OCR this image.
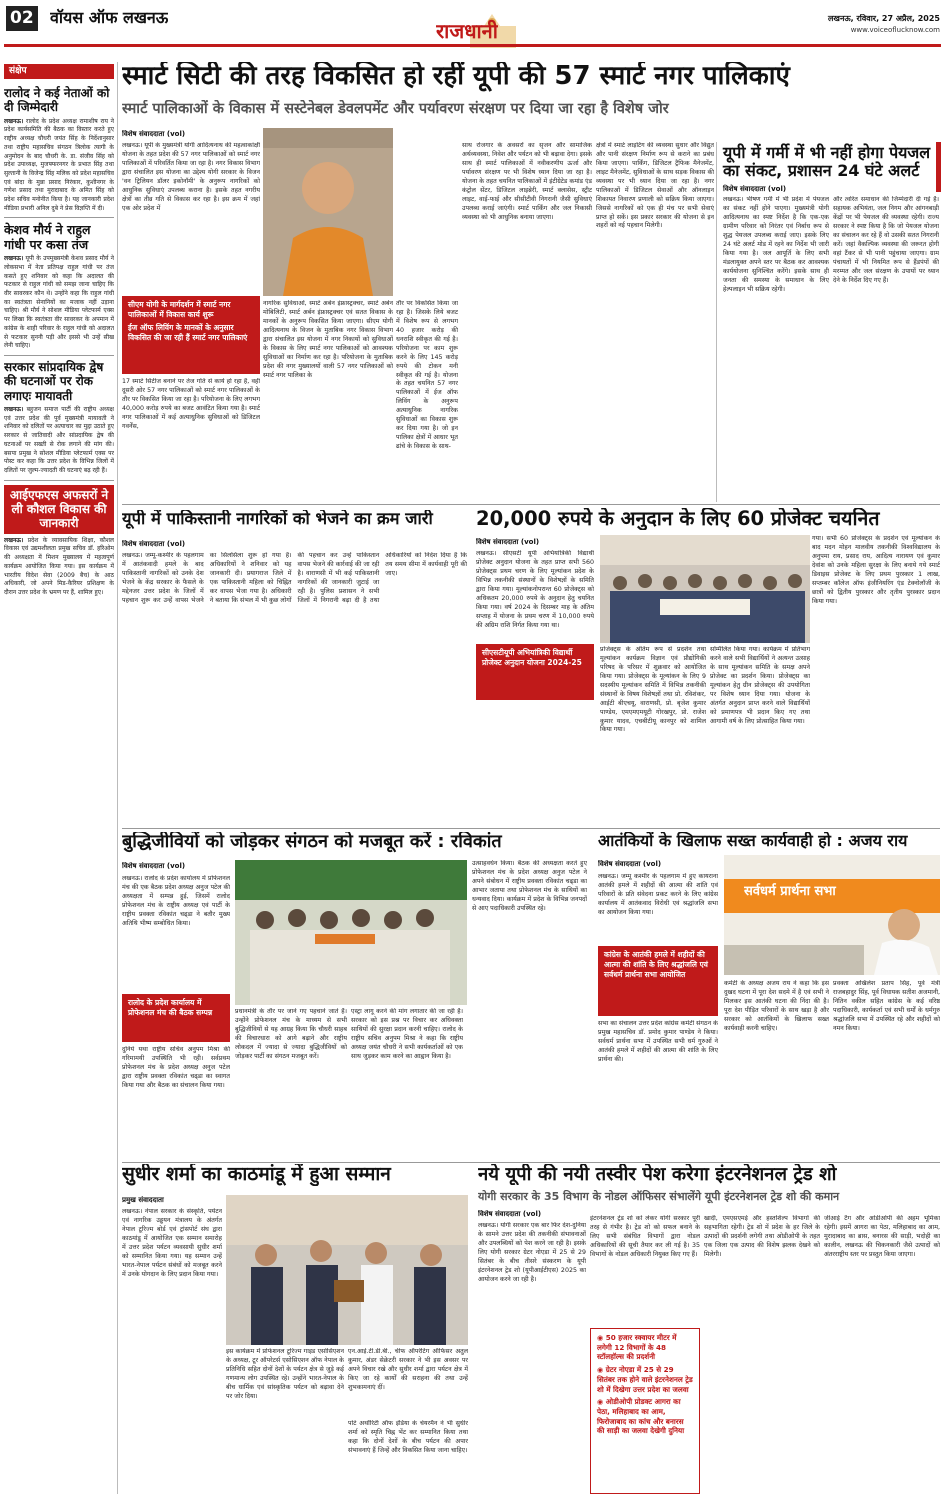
02 वॉयस ऑफ लखनऊ
राजधानी
लखनऊ, रविवार, 27 अप्रैल, 2025
www.voiceoflucknow.com
संक्षेप
रालोद ने कई नेताओं को दी जिम्मेदारी
लखनऊ। रालोद के प्रदेश अध्यक्ष रामाशीष राय ने प्रदेश कार्यसमिति की बैठक का विस्तार करते हुए राष्ट्रीय अध्यक्ष चौधरी जयंत सिंह के निर्देशानुसार तथा राष्ट्रीय महासचिव संगठन त्रिलोक त्यागी के अनुमोदन के बाद चौधरी के. डा. संजीव सिंह को प्रदेश उपाध्यक्ष, मुजफ्फरनगर के प्रभात सिंह तथा सुल्तानी के विजेन्द्र सिंह मलिक को प्रदेश महासचिव एवं बांदा के मुन्ना प्रसाद निरंकार, कुशीनगर के गणेश प्रसाद तथा मुरादाबाद के अमित सिंह को प्रदेश सचिव मनोनीत किया है। यह जानकारी प्रदेश मीडिया प्रभारी अनिल दुबे ने प्रेस विज्ञप्ति में दी।
केशव मौर्य ने राहुल गांधी पर कसा तंज
लखनऊ। यूपी के उपमुख्यमंत्री केशव प्रसाद मौर्य ने लोकसभा में नेता प्रतिपक्ष राहुल गांधी पर तंज कसते हुए शनिवार को कहा कि अदालत की फटकार से राहुल गांधी को समझ जाना चाहिए कि वीर सावरकर कौन थे। उन्होंने कहा कि राहुल गांधी का स्वतंत्रता सेनानियों का मजाक नहीं उड़ाना चाहिए। श्री मौर्य ने सोशल मीडिया प्लेटफार्म एक्स पर लिखा कि स्वतंत्रता वीर सावरकर के अपमान में कांग्रेस के शाही परिवार के राहुल गांधी को अदालत से फटकार सुननी पड़ी और इससे भी उन्हें सीख लेनी चाहिए।
सरकार सांप्रदायिक द्वेष की घटनाओं पर रोक लगाएः मायावती
लखनऊ। बहुजन समाज पार्टी की राष्ट्रीय अध्यक्ष एवं उत्तर प्रदेश की पूर्व मुख्यमंत्री मायावती ने शनिवार को दलितों पर अत्याचार का मुद्दा उठाते हुए सरकार से जातिवादी और सांप्रदायिक द्वेष की घटनाओं पर सख्ती से रोक लगाने की मांग की। बसपा प्रमुख ने सोशल मीडिया प्लेटफार्म एक्स पर पोस्ट कर कहा कि उत्तर प्रदेश के विभिन्न जिलों में दलितों पर जुल्म-ज्यादती की घटनाएं बढ़ रही हैं।
आईएफएस अफसरों ने ली कौशल विकास की जानकारी
लखनऊ। प्रदेश के व्यावसायिक शिक्षा, कौशल विकास एवं उद्यमशीलता प्रमुख सचिव डॉ. हरिओम की अध्यक्षता में मिशन मुख्यालय में महत्वपूर्ण कार्यक्रम आयोजित किया गया। इस कार्यक्रम में भारतीय विदेश सेवा (2009 बैच) के आठ अधिकारी, जो अपने मिड-कैरियर प्रशिक्षण के दौरान उत्तर प्रदेश के भ्रमण पर हैं, शामिल हुए।
स्मार्ट सिटी की तरह विकसित हो रहीं यूपी की 57 स्मार्ट नगर पालिकाएं
स्मार्ट पालिकाओं के विकास में सस्टेनेबल डेवलपमेंट और पर्यावरण संरक्षण पर दिया जा रहा है विशेष जोर
विशेष संवाददाता (vol)
लखनऊ। यूपी के मुख्यमंत्री योगी आदित्यनाथ की महत्वाकांक्षी योजना के तहत प्रदेश की 57 नगर पालिकाओं को स्मार्ट नगर पालिकाओं में परिवर्तित किया जा रहा है। नगर विकास विभाग द्वारा संचालित इस योजना का उद्देश्य योगी सरकार के विजन 'वन ट्रिलियन डॉलर इकोनॉमी' के अनुरूप नागरिकों को आधुनिक सुविधाएं उपलब्ध कराना है। इसके तहत नगरीय क्षेत्रों का तीव्र गति से विकास कर रहा है। इस क्रम में जहां एक ओर प्रदेश में
सीएम योगी के मार्गदर्शन में स्मार्ट नगर पालिकाओं में विकास कार्य शुरू
ईज ऑफ लिविंग के मानकों के अनुसार विकसित की जा रही हैं स्मार्ट नगर पालिकाएं
17 स्मार्ट सिटीज बनाने पर तेज गति से कार्य हो रहा है, वहीं दूसरी ओर 57 नगर पालिकाओं को स्मार्ट नगर पालिकाओं के तौर पर विकसित किया जा रहा है। परियोजना के लिए लगभग 40,000 करोड़ रुपये का बजट आवंटित किया गया है। स्मार्ट नगर पालिकाओं में कई अत्याधुनिक सुविधाओं को डिजिटल गवर्नेंस,
नागरिक सुविधाओं, स्मार्ट अर्बन इंफ्रास्ट्रक्चर, स्मार्ट अर्बन मोबिलिटी, स्मार्ट अर्बन इंफ्रास्ट्रक्चर एवं सतत विकास के मानकों के अनुरूप विकसित किया जाएगा। सीएम योगी आदित्यनाथ के विजन के मुताबिक नगर विकास विभाग द्वारा संचालित इस योजना में नगर निकायों को सुविधाओं के विकास के लिए स्मार्ट नगर पालिकाओं को आवश्यक सुविधाओं का निर्माण कर रहा है। परियोजना के मुताबिक प्रदेश की नगर मुख्यालयों वाली 57 नगर पालिकाओं को स्मार्ट नगर पालिका के
तौर पर विकसित किया जा रहा है। जिसके लिये बजट में विशेष रूप से लगभग 40 हजार करोड़ की धनराशि स्वीकृत की गई है। परियोजना पर काम शुरू करने के लिए 145 करोड़ रुपये की टोकन मनी स्वीकृत की गई है। योजना के तहत चयनित 57 नगर पालिकाओं में ईज ऑफ लिविंग के अनुरूप अत्याधुनिक नागरिक सुविधाओं का विकास शुरू कर दिया गया है। जो इन पालिका क्षेत्रों में आधार भूत ढांचे के विकास के साथ-
साथ रोजगार के अवसरों का सृजन और सामाजिक अर्थव्यवस्था, निवेश और पर्यटन को भी बढ़ावा देगा। इसके साथ ही स्मार्ट पालिकाओं में नवीकरणीय ऊर्जा और पर्यावरण संरक्षण पर भी विशेष ध्यान दिया जा रहा है। योजना के तहत चयनित पालिकाओं में इंटीग्रेटेड कमांड एंड कंट्रोल सेंटर, डिजिटल लाइब्रेरी, स्मार्ट क्लासेस, स्ट्रीट लाइट, वाई-फाई और सीसीटीवी निगरानी जैसी सुविधाएं उपलब्ध कराई जाएंगी। स्मार्ट पार्किंग और जल निकासी व्यवस्था को भी आधुनिक बनाया जाएगा।
क्षेत्रों में स्मार्ट लाइटिंग की व्यवस्था सुधार और विद्युत और पानी संरक्षण निर्माण रूप से कराने का प्रबंध किया जाएगा। पार्किंग, डिजिटल ट्रैफिक मैनेजमेंट, लाइट मैनेजमेंट, सुविधाओं के साथ सड़क विकास की व्यवस्था पर भी ध्यान दिया जा रहा है। नगर पालिकाओं में डिजिटल सेवाओं और ऑनलाइन शिकायत निवारण प्रणाली को सक्रिय किया जाएगा। जिससे नागरिकों को एक ही मंच पर सभी सेवाएं प्राप्त हो सकें। इस प्रकार सरकार की योजना से इन शहरों को नई पहचान मिलेगी।
यूपी में गर्मी में भी नहीं होगा पेयजल का संकट, प्रशासन 24 घंटे अलर्ट
विशेष संवाददाता (vol)
लखनऊ। भीषण गर्मी में भी प्रदेश में पेयजल का संकट नहीं होने पाएगा। मुख्यमंत्री योगी आदित्यनाथ का स्पष्ट निर्देश है कि एक-एक ग्रामीण परिवार को निरंतर एवं निर्बाध रूप से शुद्ध पेयजल उपलब्ध कराई जाए। इसके लिए 24 घंटे अलर्ट मोड में रहने का निर्देश भी जारी किया गया है। जल आपूर्ति के लिए सभी मंडलायुक्त अपने स्तर पर बैठक कर आवश्यक कार्ययोजना सुनिश्चित करेंगे। इसके साथ ही जनता की समस्या के समाधान के लिए हेल्पलाइन भी सक्रिय रहेगी।
और त्वरित समाधान की जिम्मेदारी दी गई है। सहायक अभियंता, जल निगम और आंगनबाड़ी केंद्रों पर भी पेयजल की व्यवस्था रहेगी। राज्य सरकार ने स्पष्ट किया है कि जो पेयजल योजना का संचालन कर रहे हैं वो उसकी सतत निगरानी करें। जहां वैकल्पिक व्यवस्था की जरूरत होगी वहां टैंकर से भी पानी पहुंचाया जाएगा। ग्राम पंचायतों में भी नियमित रूप से हैंडपंपों की मरम्मत और जल संरक्षण के उपायों पर ध्यान देने के निर्देश दिए गए हैं।
यूपी में पाकिस्तानी नागरिकों को भेजने का क्रम जारी
विशेष संवाददाता (vol)
लखनऊ। जम्मू-कश्मीर के पहलगाम में आतंकवादी हमले के बाद पाकिस्तानी नागरिकों को उनके देश भेजने के केंद्र सरकार के फैसले के मद्देनजर उत्तर प्रदेश के जिलों में पहचान शुरू कर उन्हें वापस भेजने का सिलसिला शुरू हो गया है। अधिकारियों ने शनिवार को यह जानकारी दी। प्रयागराज जिले में एक पाकिस्तानी महिला को चिह्नित कर वापस भेजा गया है। अधिकारी ने बताया कि संभल में भी कुछ लोगों की पहचान कर उन्हें पाकिस्तान वापस भेजने की कार्रवाई की जा रही है। वाराणसी में भी कई पाकिस्तानी नागरिकों की जानकारी जुटाई जा रही है। पुलिस प्रशासन ने सभी जिलों में निगरानी बढ़ा दी है तथा अधिकारियों को निर्देश दिया है कि तय समय सीमा में कार्यवाही पूरी की जाए।
20,000 रुपये के अनुदान के लिए 60 प्रोजेक्ट चयनित
विशेष संवाददाता (vol)
लखनऊ। सीएसटी यूपी अभियांत्रिकी विद्यार्थी प्रोजेक्ट अनुदान योजना के तहत प्राप्त सभी 560 प्रोजेक्ट्स प्रथम चरण के लिए मूल्यांकन प्रदेश के विभिन्न तकनीकी संस्थानों के विशेषज्ञों के समिति द्वारा किया गया। मूल्यांकनोपरान्त 60 प्रोजेक्ट्स को अधिकतम 20,000 रुपये के अनुदान हेतु चयनित किया गया। वर्ष 2024 के दिसम्बर माह के अंतिम सप्ताह में योजना के प्रथम चरण में 10,000 रुपये की अग्रिम राशि निर्गत किया गया था।
गया। सभी 60 प्रोजेक्ट्स के प्रदर्शन एवं मूल्यांकन के बाद मदन मोहन मालवीय तकनीकी विश्वविद्यालय के अनुपमा राय, प्रसाद राय, आदित्य नारायण एवं कुमार देवांश को उनके महिला सुरक्षा के लिए बनाये गये स्मार्ट डिवाइस प्रोजेक्ट के लिए प्रथम पुरस्कार 1 लाख, सप्तम्बर कॉलेज ऑफ इंजीनियरिंग एंड टेक्नोलॉजी के छात्रों को द्वितीय पुरस्कार और तृतीय पुरस्कार प्रदान किया गया।
सीएसटीयूपी अभियांत्रिकी विद्यार्थी प्रोजेक्ट अनुदान योजना 2024-25
प्रोजेक्ट्स के अंतिम रूप से प्रदर्शन तथा मूल्यांकन कार्यक्रम विज्ञान एवं प्रौद्योगिकी परिषद के परिसर में शुक्रवार को आयोजित किया गया। प्रोजेक्ट्स के मूल्यांकन के लिए 9 सदस्यीय मूल्यांकन समिति में विभिन्न तकनीकी संस्थानों के विषय विशेषज्ञों तथा प्रो. रविशंकर, आईटी बीएचयू, वाराणसी, प्रो. बृजेश कुमार पाण्डेय, एमएमएमयूटी गोरखपुर, प्रो. राजेश कुमार यादव, एचबीटीयू कानपुर को शामिल किया गया।
सम्मिलित किया गया। कार्यक्रम में प्रतिभाग करने वाले सभी विद्यार्थियों ने अत्यन्त उत्साह के साथ मूल्यांकन समिति के समक्ष अपने प्रोजेक्ट का प्रदर्शन किया। प्रोजेक्ट्स का मूल्यांकन हेतु ग्रीन प्रोजेक्ट्स की उपयोगिता पर विशेष ध्यान दिया गया। योजना के अंतर्गत अनुदान प्राप्त करने वाले विद्यार्थियों को प्रमाणपत्र भी प्रदान किए गए तथा आगामी वर्ष के लिए प्रोत्साहित किया गया।
बुद्धिजीवियों को जोड़कर संगठन को मजबूत करें : रविकांत
विशेष संवाददाता (vol)
लखनऊ। रालोद के प्रदेश कार्यालय में प्रोफेशनल मंच की एक बैठक प्रदेश अध्यक्ष अनुज पटेल की अध्यक्षता में सम्पन्न हुई, जिसमें रालोद प्रोफेशनल मंच के राष्ट्रीय अध्यक्ष एवं पार्टी के राष्ट्रीय प्रवक्ता रविकांत चढ्डा ने बतौर मुख्य अतिथि भीष्म सम्बोधित किया।
रालोद के प्रदेश कार्यालय में प्रोफेशनल मंच की बैठक सम्पन्न
दुनिये यथा राष्ट्रीय सचिव अनुपम मिश्रा की गरिमामयी उपस्थिति भी रही। सर्वप्रथम प्रोफेशनल मंच के प्रदेश अध्यक्ष अनुज पटेल द्वारा राष्ट्रीय प्रवक्ता रविकांत चढ्डा का स्वागत किया गया और बैठक का संचालन किया गया।
प्रधानमंत्री के तौर पर जाने गए पहचाने जाते हैं। उन्होंने प्रोफेशनल मंच के माध्यम से सभी बुद्धिजीवियों से यह आग्रह किया कि चौधरी साहब की विचारधारा को आगे बढ़ाने और राष्ट्रीय लोकदल में ज्यादा से ज्यादा बुद्धिजीवियों को जोड़कर पार्टी का संगठन मजबूत करें।
एस्ट्रा लागू करने की मांग लगातार की जा रही है। सरकार को इस प्रश्न पर विचार कर अधिवक्ता साथियों की सुरक्षा प्रदान करनी चाहिए। रालोद के राष्ट्रीय सचिव अनुपम मिश्रा ने कहा कि राष्ट्रीय अध्यक्ष जयंत चौधरी ने सभी कार्यकर्ताओं को एक साथ जुड़कर काम करने का आह्वान किया है।
उत्साहवर्धन किया। बैठक की अध्यक्षता करते हुए प्रोफेशनल मंच के प्रदेश अध्यक्ष अनुज पटेल ने अपने संबोधन में राष्ट्रीय प्रवक्ता रविकांत चढ्डा का आभार जताया तथा प्रोफेशनल मंच के साथियों का धन्यवाद दिया। कार्यक्रम में प्रदेश के विभिन्न जनपदों से आए पदाधिकारी उपस्थित रहे।
आतंकियों के खिलाफ सख्त कार्यवाही हो : अजय राय
विशेष संवाददाता (vol)
लखनऊ। जम्मू कश्मीर के पहलगाम में हुए कायराना आतंकी हमले में शहीदों की आत्मा की शांति एवं परिवारों के प्रति संवेदना प्रकट करने के लिए कांग्रेस कार्यालय में आतंकवाद विरोधी एवं श्रद्धांजलि सभा का आयोजन किया गया।
सर्वधर्म प्रार्थना सभा
कांग्रेस के आतंकी हमले में शहीदों की आत्मा की शांति के लिए श्रद्धांजलि एवं सर्वधर्म प्रार्थना सभा आयोजित
सभा का संचालन उत्तर प्रदेश कांग्रेस कमेटी संगठन के प्रमुख महासचिव डॉ. प्रमोद कुमार पाण्डेय ने किया। सर्वधर्म प्रार्थना सभा में उपस्थित सभी धर्म गुरुओं ने आतंकी हमले में शहीदों की आत्मा की शांति के लिए प्रार्थना की।
कमेटी के अध्यक्ष अजय राय ने कहा कि इस दुखद घटना में पूरा देश सदमे में है एवं सभी ने मिलकर इस आतंकी घटना की निंदा की है। पूरा देश पीड़ित परिवारों के साथ खड़ा है और सरकार को आतंकियों के खिलाफ सख्त कार्यवाही करनी चाहिए।
प्रवक्ता अखिलेश प्रताप सिंह, पूर्व मंत्री राजबहादुर सिंह, पूर्व विधायक सतीश अजमानी, नितिन वकील सहित कांग्रेस के कई वरिष्ठ पदाधिकारी, कार्यकर्ता एवं सभी धर्मों के धर्मगुरु श्रद्धांजलि सभा में उपस्थित रहे और शहीदों को नमन किया।
सुधीर शर्मा का काठमांडू में हुआ सम्मान
प्रमुख संवाददाता
लखनऊ। नेपाल सरकार के संस्कृति, पर्यटन एवं नागरिक उड्डयन मंत्रालय के अंतर्गत नेपाल टूरिज्म बोर्ड एवं ट्रांसपोर्ट संघ द्वारा काठमांडू में आयोजित एक सम्मान समारोह में उत्तर प्रदेश पर्यटन व्यवसायी सुधीर शर्मा को सम्मानित किया गया। यह सम्मान उन्हें भारत-नेपाल पर्यटन संबंधों को मजबूत करने में उनके योगदान के लिए प्रदान किया गया।
इस कार्यक्रम में प्रोफेशनल टूरिज्म गाइड एसोसिएशन के अध्यक्ष, टूर ऑपरेटर्स एसोसिएशन ऑफ नेपाल के प्रतिनिधि सहित दोनों देशों के पर्यटन क्षेत्र से जुड़े कई गणमान्य लोग उपस्थित रहे। उन्होंने भारत-नेपाल के बीच धार्मिक एवं सांस्कृतिक पर्यटन को बढ़ावा देने पर जोर दिया।
एन.आई.टी.डी.बी., चीफ ऑपरेटिंग ऑफिसर अतुल कुमार, अंडर सेक्रेटरी सरकार ने भी इस अवसर पर अपने विचार रखे और सुधीर शर्मा द्वारा पर्यटन क्षेत्र में किए जा रहे कार्यों की सराहना की तथा उन्हें शुभकामनाएं दीं।
पोर्ट अथॉरिटी ऑफ इंडिया के चेयरमैन ने भी सुधीर शर्मा को स्मृति चिह्न भेंट कर सम्मानित किया तथा कहा कि दोनों देशों के बीच पर्यटन की अपार संभावनाएं हैं जिन्हें और विकसित किया जाना चाहिए।
नये यूपी की नयी तस्वीर पेश करेगा इंटरनेशनल ट्रेड शो
योगी सरकार के 35 विभाग के नोडल ऑफिसर संभालेंगे यूपी इंटरनेशनल ट्रेड शो की कमान
विशेष संवाददाता (vol)
लखनऊ। योगी सरकार एक बार फिर देश-दुनिया के सामने उत्तर प्रदेश की तकनीकी संभावनाओं और उपलब्धियों को पेश करने जा रही है। इसके लिए योगी सरकार ग्रेटर नोएडा में 25 से 29 सितंबर के बीच तीसरे संस्करण के यूपी इंटरनेशनल ट्रेड शो (यूपीआईटीएस) 2025 का आयोजन करने जा रही है।
इंटरनेशनल ट्रेड शो को लेकर योगी सरकार पूरी तरह से गंभीर है। ट्रेड शो को सफल बनाने के लिए सभी संबंधित विभागों द्वारा नोडल अधिकारियों की सूची तैयार कर ली गई है। 35 विभागों के नोडल अधिकारी नियुक्त किए गए हैं।
◉ 50 हजार स्क्वायर मीटर में लगेगी 12 विभागों के 48 स्टॉलहॉल्स की प्रदर्शनी
◉ ग्रेटर नोएडा में 25 से 29 सितंबर तक होने वाले इंटरनेशनल ट्रेड शो में दिखेगा उत्तर प्रदेश का जलवा
◉ ओडीओपी प्रोडक्ट आगरा का पेठा, मलिहाबाद का आम, फिरोजाबाद का कांच और बनारस की साड़ी का जलवा देखेगी दुनिया
खादी, एमएसएमई और हस्तशिल्प विभागों की सहभागिता रहेगी। ट्रेड शो में प्रदेश के हर जिले के उत्पादों की प्रदर्शनी लगेगी तथा ओडीओपी के तहत एक जिला एक उत्पाद की विशेष झलक देखने को मिलेगी।
जीआई टैग और ओडीओपी की अहम भूमिका रहेगी। इसमें आगरा का पेठा, मलिहाबाद का आम, मुरादाबाद का ब्रास, बनारस की साड़ी, भदोही का कालीन, लखनऊ की चिकनकारी जैसे उत्पादों को अंतरराष्ट्रीय स्तर पर प्रस्तुत किया जाएगा।
